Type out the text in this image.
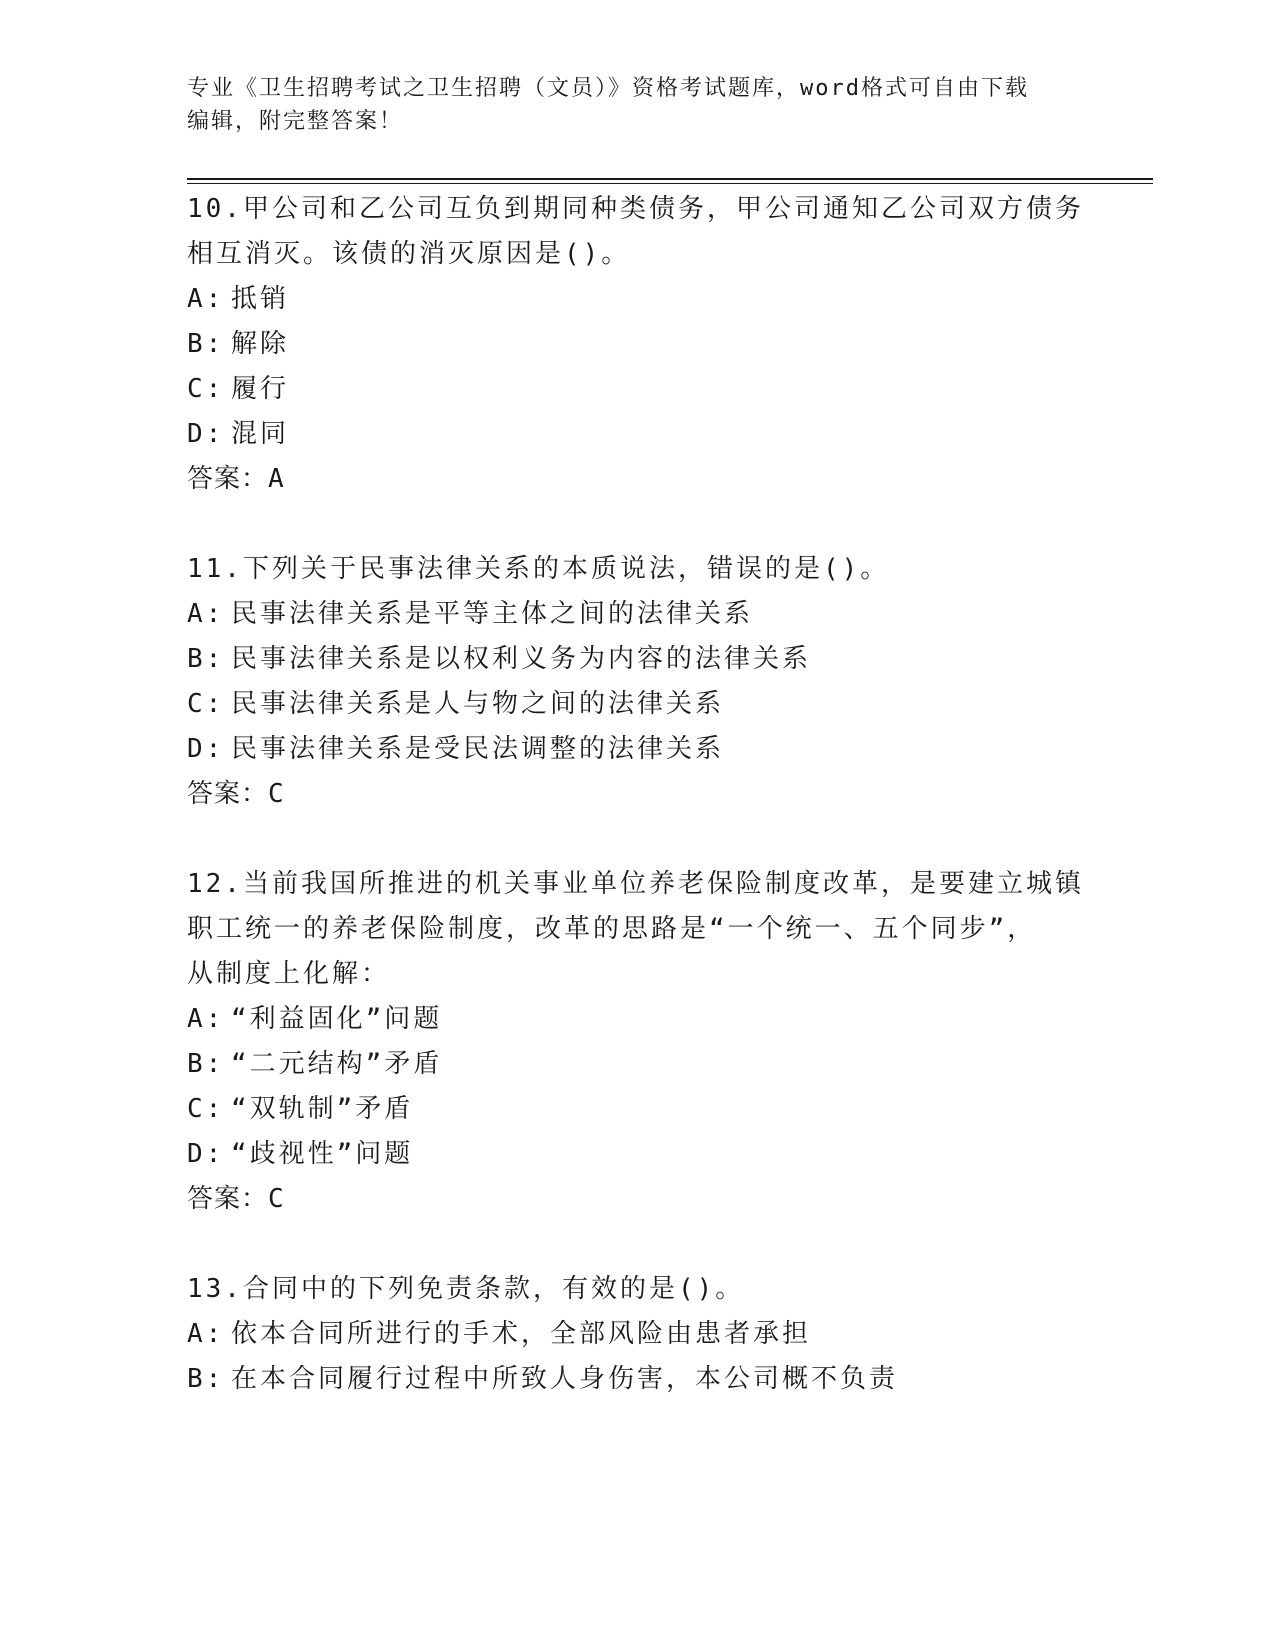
专业《卫生招聘考试之卫生招聘（文员）》资格考试题库，word格式可自由下载
编辑，附完整答案！
10.甲公司和乙公司互负到期同种类债务，甲公司通知乙公司双方债务
相互消灭。该债的消灭原因是()。
A: 抵销
B: 解除
C: 履行
D: 混同
答案：A
11.下列关于民事法律关系的本质说法，错误的是()。
A: 民事法律关系是平等主体之间的法律关系
B: 民事法律关系是以权利义务为内容的法律关系
C: 民事法律关系是人与物之间的法律关系
D: 民事法律关系是受民法调整的法律关系
答案：C
12.当前我国所推进的机关事业单位养老保险制度改革，是要建立城镇
职工统一的养老保险制度，改革的思路是“一个统一、五个同步”，
从制度上化解：
A: “利益固化”问题
B: “二元结构”矛盾
C: “双轨制”矛盾
D: “歧视性”问题
答案：C
13.合同中的下列免责条款，有效的是()。
A: 依本合同所进行的手术，全部风险由患者承担
B: 在本合同履行过程中所致人身伤害，本公司概不负责
